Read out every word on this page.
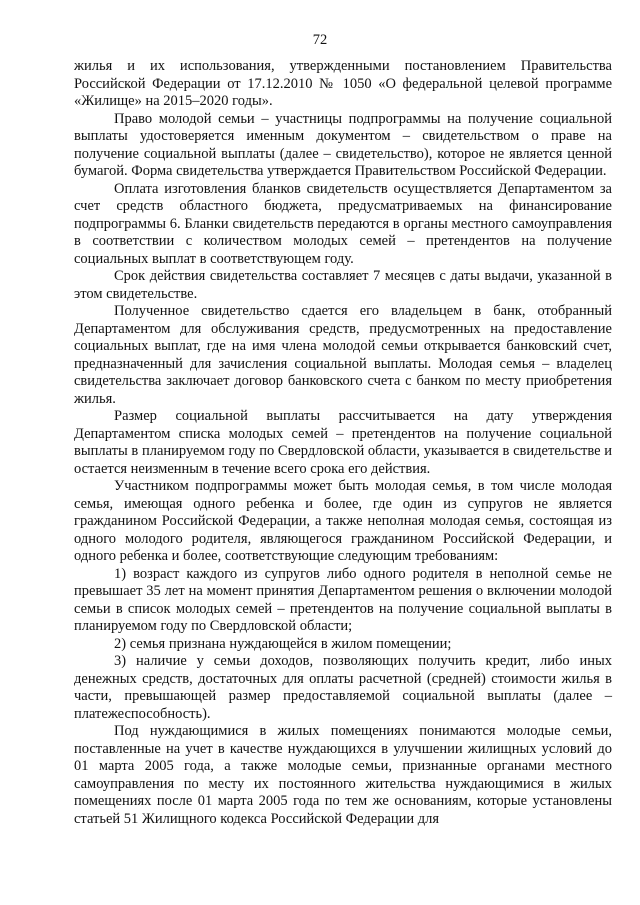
72

жилья и их использования, утвержденными постановлением Правительства Российской Федерации от 17.12.2010 № 1050 «О федеральной целевой программе «Жилище» на 2015–2020 годы».

Право молодой семьи – участницы подпрограммы на получение социальной выплаты удостоверяется именным документом – свидетельством о праве на получение социальной выплаты (далее – свидетельство), которое не является ценной бумагой. Форма свидетельства утверждается Правительством Российской Федерации.

Оплата изготовления бланков свидетельств осуществляется Департаментом за счет средств областного бюджета, предусматриваемых на финансирование подпрограммы 6. Бланки свидетельств передаются в органы местного самоуправления в соответствии с количеством молодых семей – претендентов на получение социальных выплат в соответствующем году.

Срок действия свидетельства составляет 7 месяцев с даты выдачи, указанной в этом свидетельстве.

Полученное свидетельство сдается его владельцем в банк, отобранный Департаментом для обслуживания средств, предусмотренных на предоставление социальных выплат, где на имя члена молодой семьи открывается банковский счет, предназначенный для зачисления социальной выплаты. Молодая семья – владелец свидетельства заключает договор банковского счета с банком по месту приобретения жилья.

Размер социальной выплаты рассчитывается на дату утверждения Департаментом списка молодых семей – претендентов на получение социальной выплаты в планируемом году по Свердловской области, указывается в свидетельстве и остается неизменным в течение всего срока его действия.

Участником подпрограммы может быть молодая семья, в том числе молодая семья, имеющая одного ребенка и более, где один из супругов не является гражданином Российской Федерации, а также неполная молодая семья, состоящая из одного молодого родителя, являющегося гражданином Российской Федерации, и одного ребенка и более, соответствующие следующим требованиям:

1) возраст каждого из супругов либо одного родителя в неполной семье не превышает 35 лет на момент принятия Департаментом решения о включении молодой семьи в список молодых семей – претендентов на получение социальной выплаты в планируемом году по Свердловской области;

2) семья признана нуждающейся в жилом помещении;

3) наличие у семьи доходов, позволяющих получить кредит, либо иных денежных средств, достаточных для оплаты расчетной (средней) стоимости жилья в части, превышающей размер предоставляемой социальной выплаты (далее – платежеспособность).

Под нуждающимися в жилых помещениях понимаются молодые семьи, поставленные на учет в качестве нуждающихся в улучшении жилищных условий до 01 марта 2005 года, а также молодые семьи, признанные органами местного самоуправления по месту их постоянного жительства нуждающимися в жилых помещениях после 01 марта 2005 года по тем же основаниям, которые установлены статьей 51 Жилищного кодекса Российской Федерации для
